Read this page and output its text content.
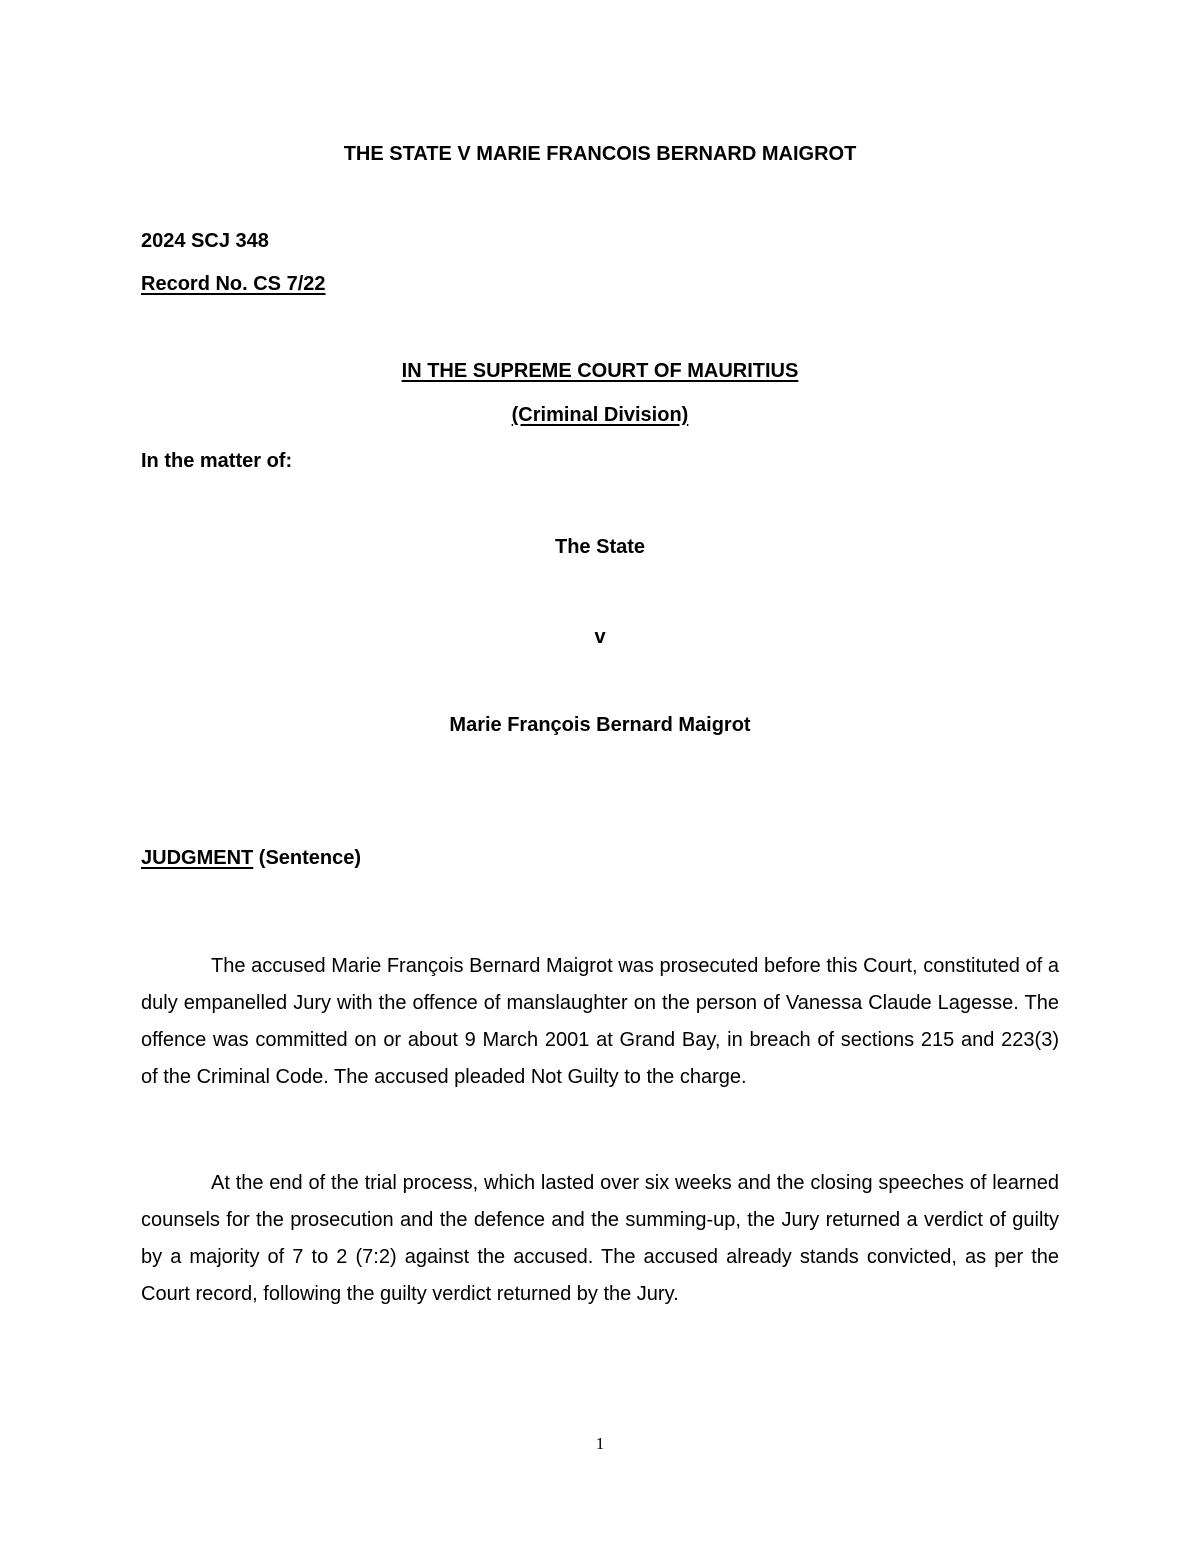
THE STATE V MARIE FRANCOIS BERNARD MAIGROT
2024 SCJ 348
Record No. CS 7/22
IN THE SUPREME COURT OF MAURITIUS
(Criminal Division)
In the matter of:
The State
v
Marie François Bernard Maigrot
JUDGMENT (Sentence)
The accused Marie François Bernard Maigrot was prosecuted before this Court, constituted of a duly empanelled Jury with the offence of manslaughter on the person of Vanessa Claude Lagesse. The offence was committed on or about 9 March 2001 at Grand Bay, in breach of sections 215 and 223(3) of the Criminal Code. The accused pleaded Not Guilty to the charge.
At the end of the trial process, which lasted over six weeks and the closing speeches of learned counsels for the prosecution and the defence and the summing-up, the Jury returned a verdict of guilty by a majority of 7 to 2 (7:2) against the accused. The accused already stands convicted, as per the Court record, following the guilty verdict returned by the Jury.
1
